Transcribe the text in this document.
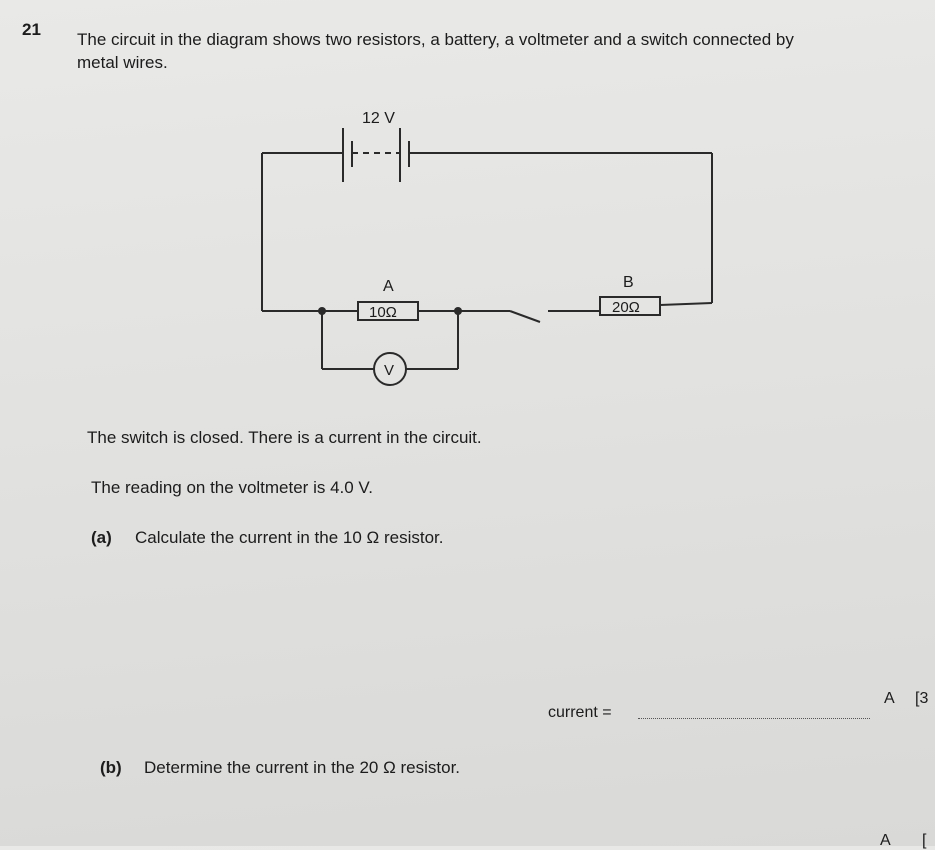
21
The circuit in the diagram shows two resistors, a battery, a voltmeter and a switch connected by
metal wires.
12 V
A
10Ω
B
20Ω
V
The switch is closed. There is a current in the circuit.
The reading on the voltmeter is 4.0 V.
(a) Calculate the current in the 10 Ω resistor.
current =
A [3
(b) Determine the current in the 20 Ω resistor.
A [
